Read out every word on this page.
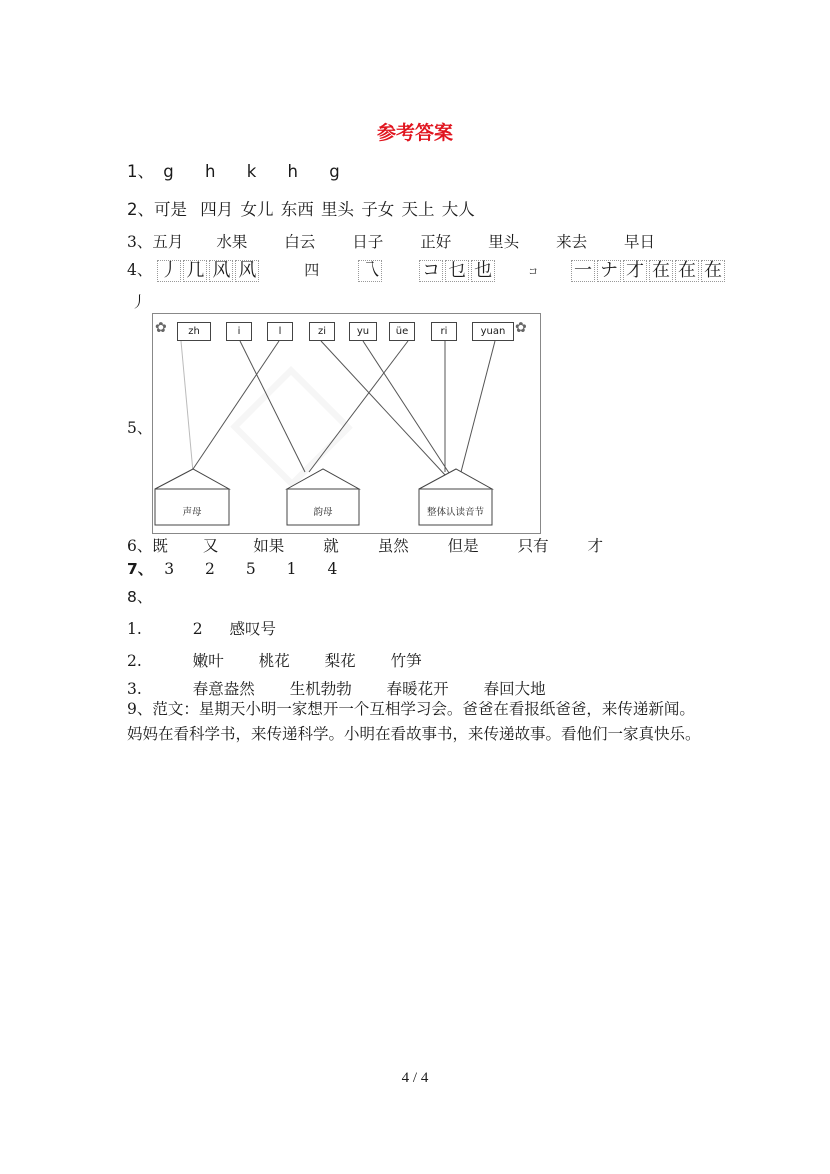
参考答案
1、 g h k h g
2、可是 四月 女儿 东西 里头 子女 天上 大人
3、五月 水果 白云 日子 正好 里头 来去 早日
4、 丿 几 风 风	四 乁 コ 乜 也	コ 一 ナ 才 在 在 在
丿
5、
✿	✿
zh	i	l	zi	yu	üe	ri	yuan
声母	韵母	整体认读音节
6、既 又 如果	就	虽然	但是	只有	才
7、 3 2 5 1 4
8、
1.	2 感叹号
2.	嫩叶 桃花 梨花 竹笋
3.	春意盎然 生机勃勃 春暖花开 春回大地
9、范文：星期天小明一家想开一个互相学习会。爸爸在看报纸爸爸，来传递新闻。妈妈在看科学书，来传递科学。小明在看故事书，来传递故事。看他们一家真快乐。
4 / 4
